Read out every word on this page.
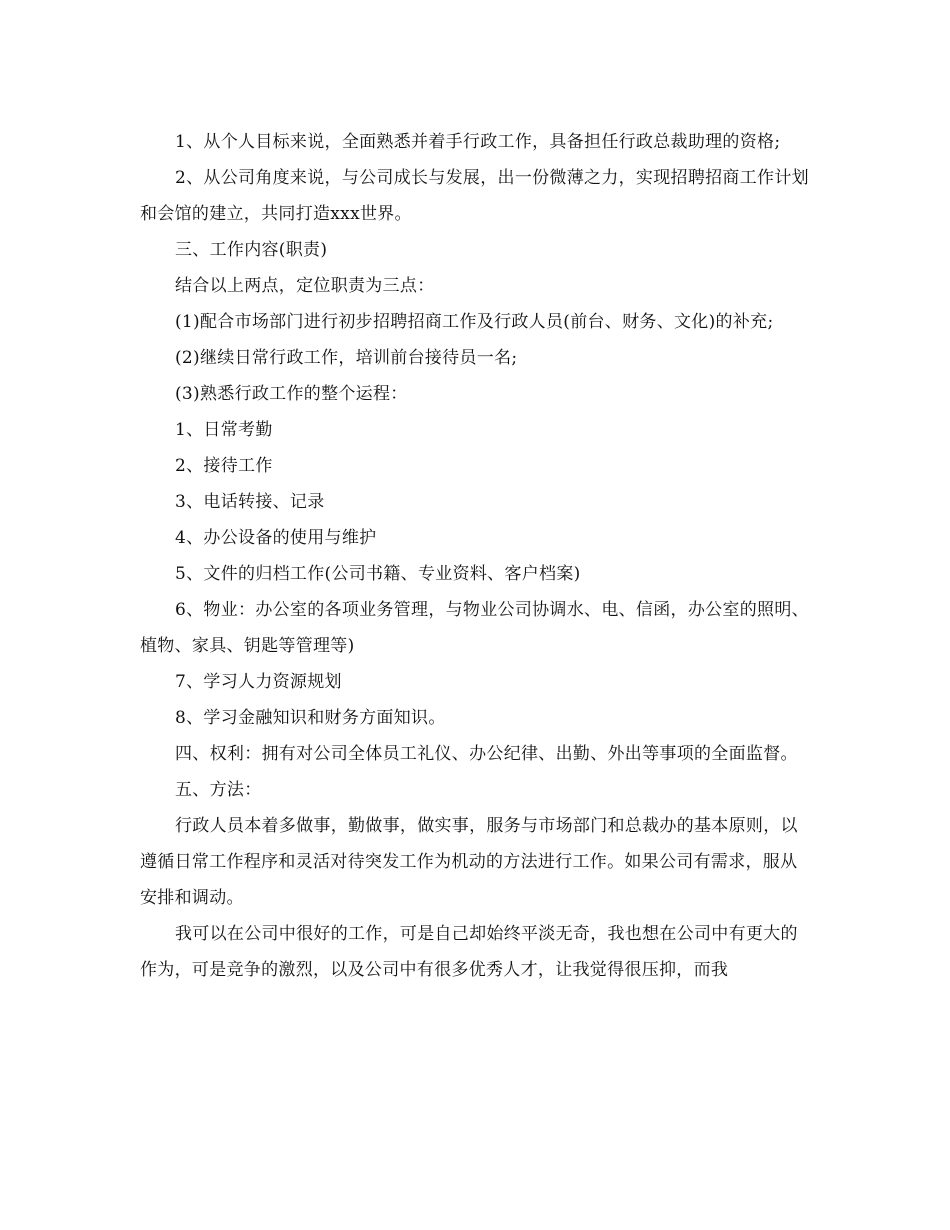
1、从个人目标来说，全面熟悉并着手行政工作，具备担任行政总裁助理的资格;

2、从公司角度来说，与公司成长与发展，出一份微薄之力，实现招聘招商工作计划和会馆的建立，共同打造xxx世界。

三、工作内容(职责)

结合以上两点，定位职责为三点：

(1)配合市场部门进行初步招聘招商工作及行政人员(前台、财务、文化)的补充;

(2)继续日常行政工作，培训前台接待员一名;

(3)熟悉行政工作的整个运程：

1、日常考勤

2、接待工作

3、电话转接、记录

4、办公设备的使用与维护

5、文件的归档工作(公司书籍、专业资料、客户档案)

6、物业：办公室的各项业务管理，与物业公司协调水、电、信函，办公室的照明、植物、家具、钥匙等管理等)

7、学习人力资源规划

8、学习金融知识和财务方面知识。

四、权利：拥有对公司全体员工礼仪、办公纪律、出勤、外出等事项的全面监督。

五、方法：

行政人员本着多做事，勤做事，做实事，服务与市场部门和总裁办的基本原则，以遵循日常工作程序和灵活对待突发工作为机动的方法进行工作。如果公司有需求，服从安排和调动。

我可以在公司中很好的工作，可是自己却始终平淡无奇，我也想在公司中有更大的作为，可是竞争的激烈，以及公司中有很多优秀人才，让我觉得很压抑，而我
